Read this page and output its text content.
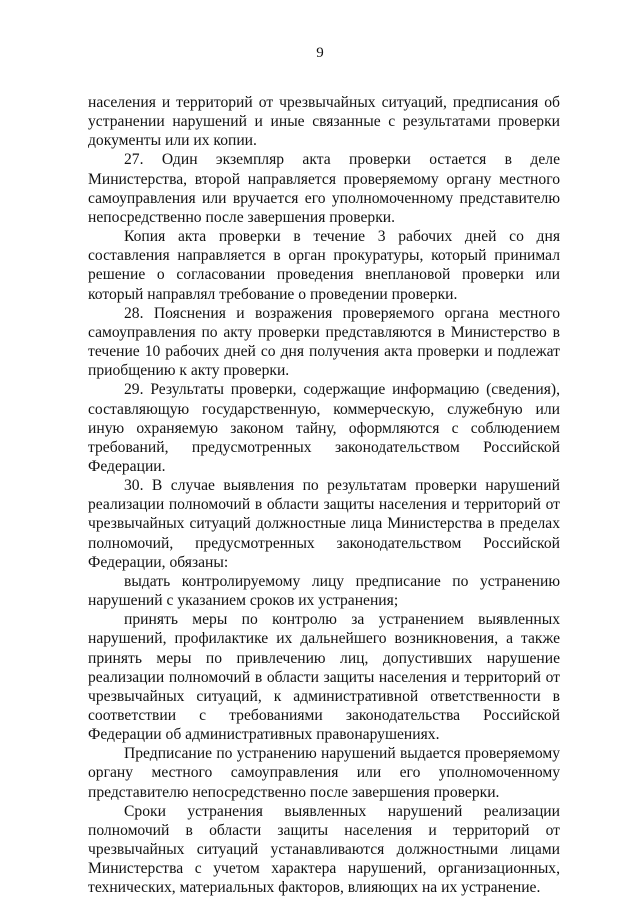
9

населения и территорий от чрезвычайных ситуаций, предписания об устранении нарушений и иные связанные с результатами проверки документы или их копии.

27. Один экземпляр акта проверки остается в деле Министерства, второй направляется проверяемому органу местного самоуправления или вручается его уполномоченному представителю непосредственно после завершения проверки.

Копия акта проверки в течение 3 рабочих дней со дня составления направляется в орган прокуратуры, который принимал решение о согласовании проведения внеплановой проверки или который направлял требование о проведении проверки.

28. Пояснения и возражения проверяемого органа местного самоуправления по акту проверки представляются в Министерство в течение 10 рабочих дней со дня получения акта проверки и подлежат приобщению к акту проверки.

29. Результаты проверки, содержащие информацию (сведения), составляющую государственную, коммерческую, служебную или иную охраняемую законом тайну, оформляются с соблюдением требований, предусмотренных законодательством Российской Федерации.

30. В случае выявления по результатам проверки нарушений реализации полномочий в области защиты населения и территорий от чрезвычайных ситуаций должностные лица Министерства в пределах полномочий, предусмотренных законодательством Российской Федерации, обязаны:

выдать контролируемому лицу предписание по устранению нарушений с указанием сроков их устранения;

принять меры по контролю за устранением выявленных нарушений, профилактике их дальнейшего возникновения, а также принять меры по привлечению лиц, допустивших нарушение реализации полномочий в области защиты населения и территорий от чрезвычайных ситуаций, к административной ответственности в соответствии с требованиями законодательства Российской Федерации об административных правонарушениях.

Предписание по устранению нарушений выдается проверяемому органу местного самоуправления или его уполномоченному представителю непосредственно после завершения проверки.

Сроки устранения выявленных нарушений реализации полномочий в области защиты населения и территорий от чрезвычайных ситуаций устанавливаются должностными лицами Министерства с учетом характера нарушений, организационных, технических, материальных факторов, влияющих на их устранение.
